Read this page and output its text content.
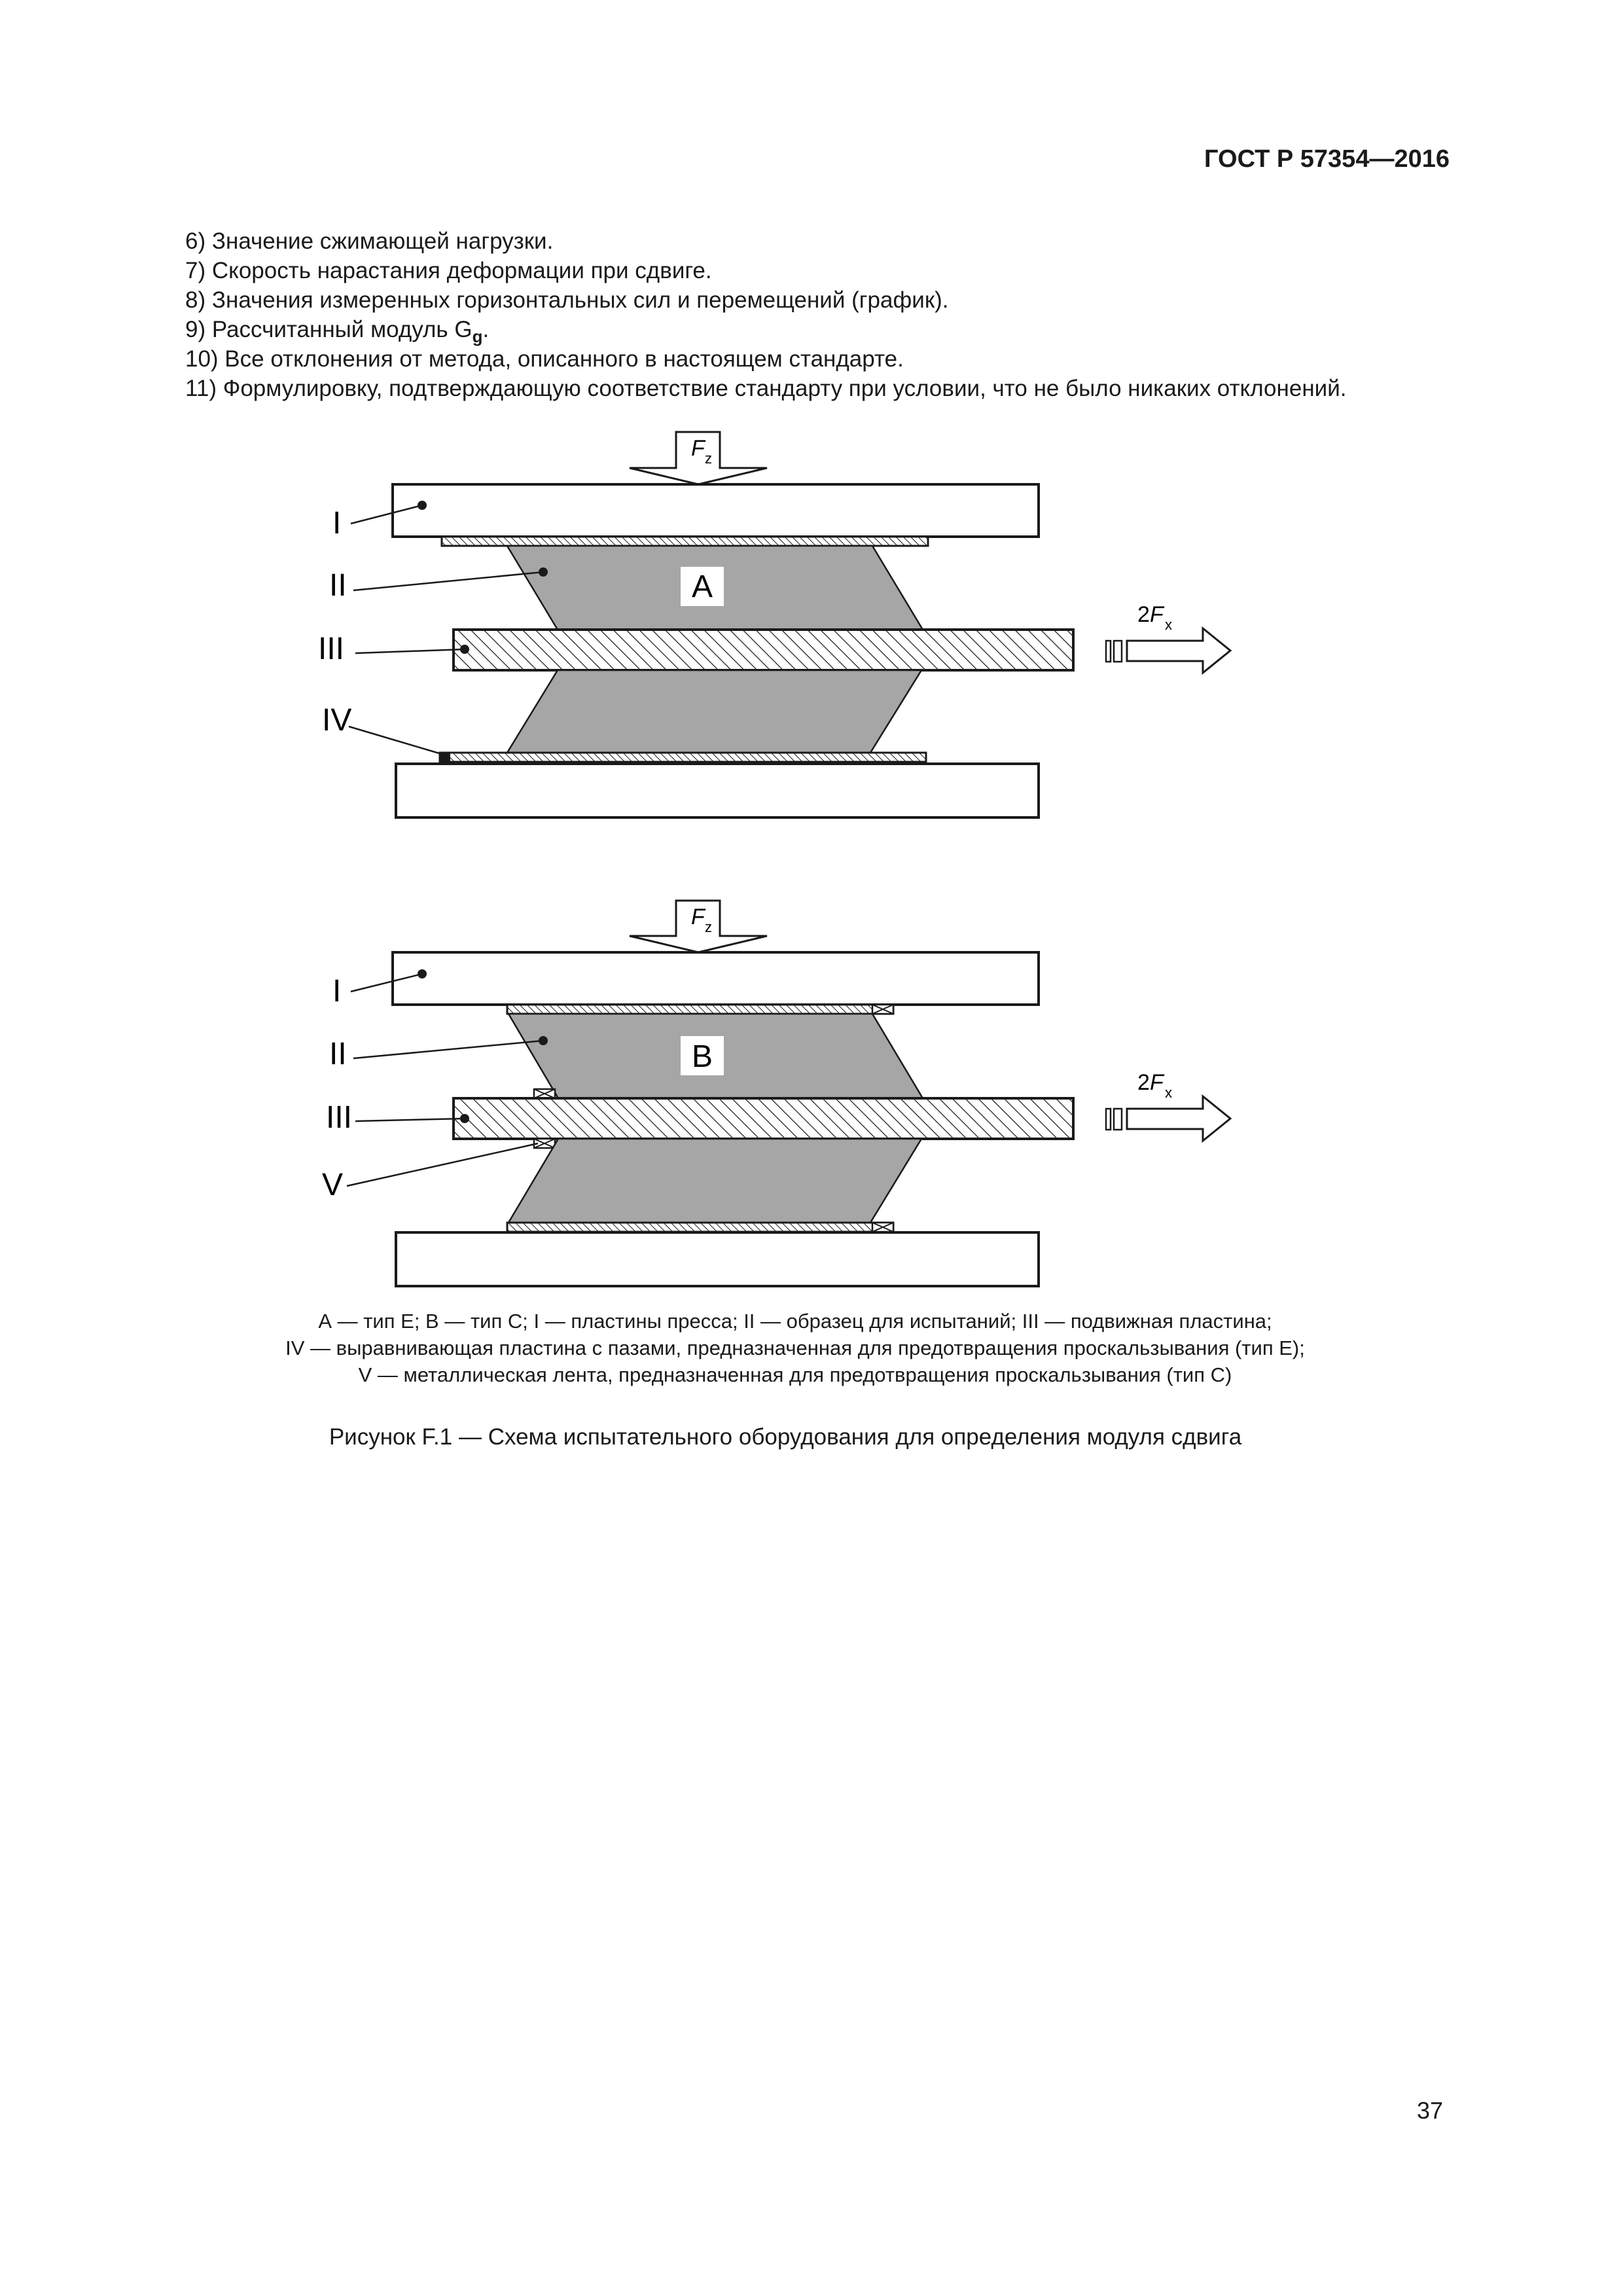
ГОСТ Р 57354—2016
6) Значение сжимающей нагрузки.
7) Скорость нарастания деформации при сдвиге.
8) Значения измеренных горизонтальных сил и перемещений (график).
9) Рассчитанный модуль $G_g$.
10) Все отклонения от метода, описанного в настоящем стандарте.
11) Формулировку, подтверждающую соответствие стандарту при условии, что не было никаких отклонений.
F z
A
2 F x
I
II
III
IV
F z
B
2 F x
I
II
III
V
А — тип Е; В — тип С; I — пластины пресса; II — образец для испытаний; III — подвижная пластина;
IV — выравнивающая пластина с пазами, предназначенная для предотвращения проскальзывания (тип E);
V — металлическая лента, предназначенная для предотвращения проскальзывания (тип С)
Рисунок F.1 — Схема испытательного оборудования для определения модуля сдвига
37
